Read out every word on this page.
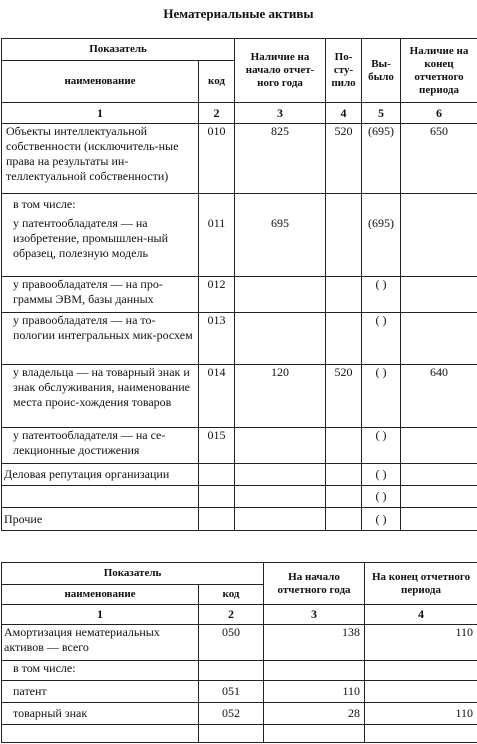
Нематериальные активы
Показатель		Наличие на начало отчет-ного года	По-сту-пило	Вы-было	Наличие на конец отчетного периода
наименование	код				
1	2	3	4	5	6
Объекты интеллектуальной собственности (исключитель-ные права на результаты ин-теллектуальной собственности)	010	825	520	(695)	650
в том числе:					
у патентообладателя — на изобретение, промышлен-ный образец, полезную модель	011	695		(695)	
у правообладателя — на про-граммы ЭВМ, базы данных	012			( )	
у правообладателя — на то-пологии интегральных мик-росхем	013			( )	
у владельца — на товарный знак и знак обслуживания, наименование места проис-хождения товаров	014	120	520	( )	640
у патентообладателя — на се-лекционные достижения	015			( )	
Деловая репутация организации				( )	
				( )	
Прочие				( )	
Показатель		На начало отчетного года	На конец отчетного периода
наименование	код		
1	2	3	4
Амортизация нематериальных активов — всего	050	138	110
в том числе:			
патент	051	110	
товарный знак	052	28	110
